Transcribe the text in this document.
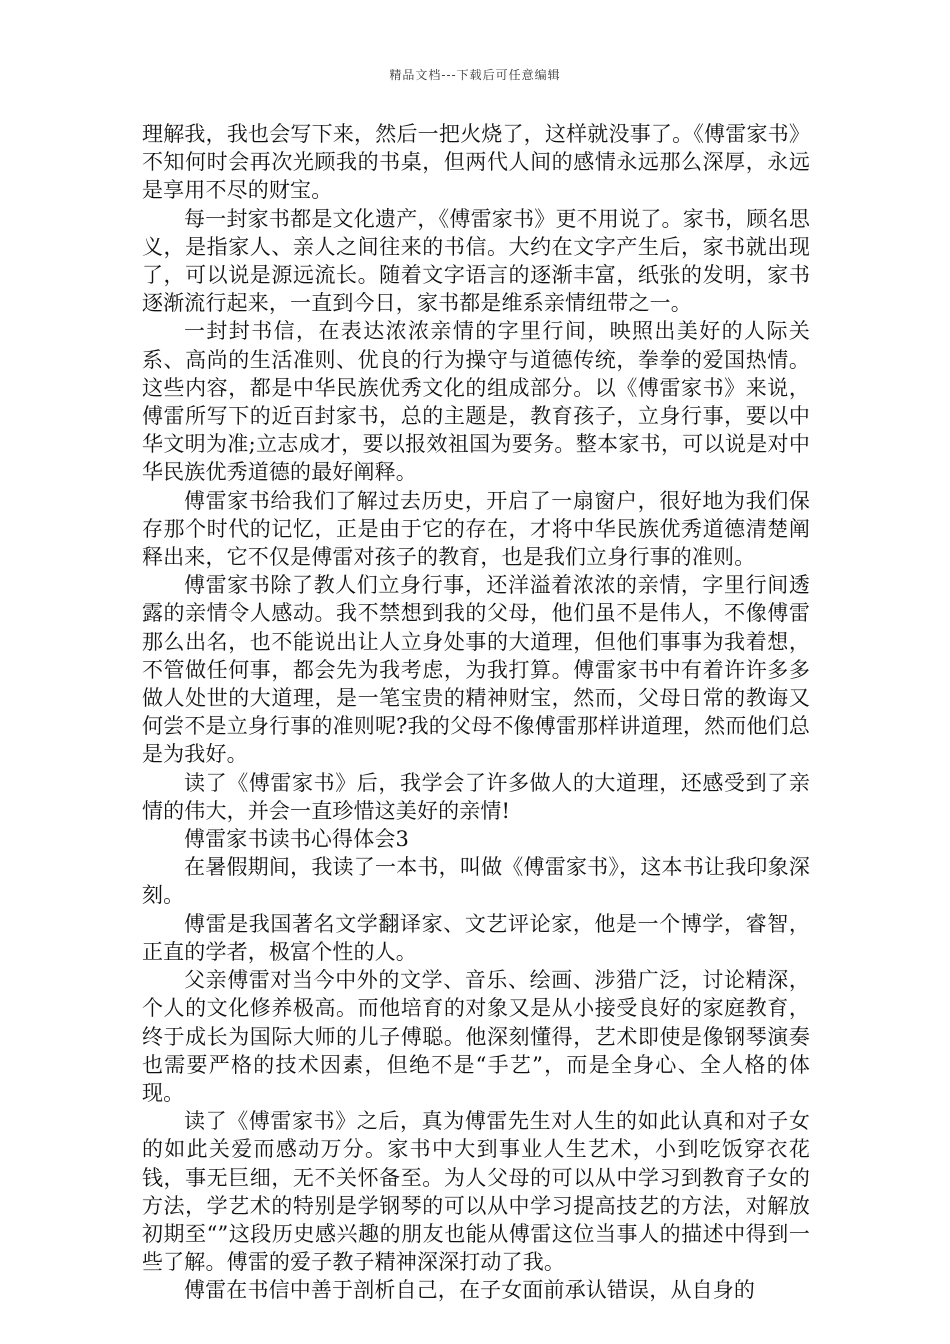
精品文档---下载后可任意编辑

理解我，我也会写下来，然后一把火烧了，这样就没事了。《傅雷家书》不知何时会再次光顾我的书桌，但两代人间的感情永远那么深厚，永远是享用不尽的财宝。

每一封家书都是文化遗产，《傅雷家书》更不用说了。家书，顾名思义，是指家人、亲人之间往来的书信。大约在文字产生后，家书就出现了，可以说是源远流长。随着文字语言的逐渐丰富，纸张的发明，家书逐渐流行起来，一直到今日，家书都是维系亲情纽带之一。

一封封书信，在表达浓浓亲情的字里行间，映照出美好的人际关系、高尚的生活准则、优良的行为操守与道德传统，拳拳的爱国热情。这些内容，都是中华民族优秀文化的组成部分。以《傅雷家书》来说，傅雷所写下的近百封家书，总的主题是，教育孩子，立身行事，要以中华文明为准;立志成才，要以报效祖国为要务。整本家书，可以说是对中华民族优秀道德的最好阐释。

傅雷家书给我们了解过去历史，开启了一扇窗户，很好地为我们保存那个时代的记忆，正是由于它的存在，才将中华民族优秀道德清楚阐释出来，它不仅是傅雷对孩子的教育，也是我们立身行事的准则。

傅雷家书除了教人们立身行事，还洋溢着浓浓的亲情，字里行间透露的亲情令人感动。我不禁想到我的父母，他们虽不是伟人，不像傅雷那么出名，也不能说出让人立身处事的大道理，但他们事事为我着想，不管做任何事，都会先为我考虑，为我打算。傅雷家书中有着许许多多做人处世的大道理，是一笔宝贵的精神财宝，然而，父母日常的教诲又何尝不是立身行事的准则呢?我的父母不像傅雷那样讲道理，然而他们总是为我好。

读了《傅雷家书》后，我学会了许多做人的大道理，还感受到了亲情的伟大，并会一直珍惜这美好的亲情!

傅雷家书读书心得体会3

在暑假期间，我读了一本书，叫做《傅雷家书》，这本书让我印象深刻。

傅雷是我国著名文学翻译家、文艺评论家，他是一个博学，睿智，正直的学者，极富个性的人。

父亲傅雷对当今中外的文学、音乐、绘画、涉猎广泛，讨论精深，个人的文化修养极高。而他培育的对象又是从小接受良好的家庭教育，终于成长为国际大师的儿子傅聪。他深刻懂得，艺术即使是像钢琴演奏也需要严格的技术因素，但绝不是“手艺”，而是全身心、全人格的体现。

读了《傅雷家书》之后，真为傅雷先生对人生的如此认真和对子女的如此关爱而感动万分。家书中大到事业人生艺术，小到吃饭穿衣花钱，事无巨细，无不关怀备至。为人父母的可以从中学习到教育子女的方法，学艺术的特别是学钢琴的可以从中学习提高技艺的方法，对解放初期至“”这段历史感兴趣的朋友也能从傅雷这位当事人的描述中得到一些了解。傅雷的爱子教子精神深深打动了我。

傅雷在书信中善于剖析自己，在子女面前承认错误，从自身的
